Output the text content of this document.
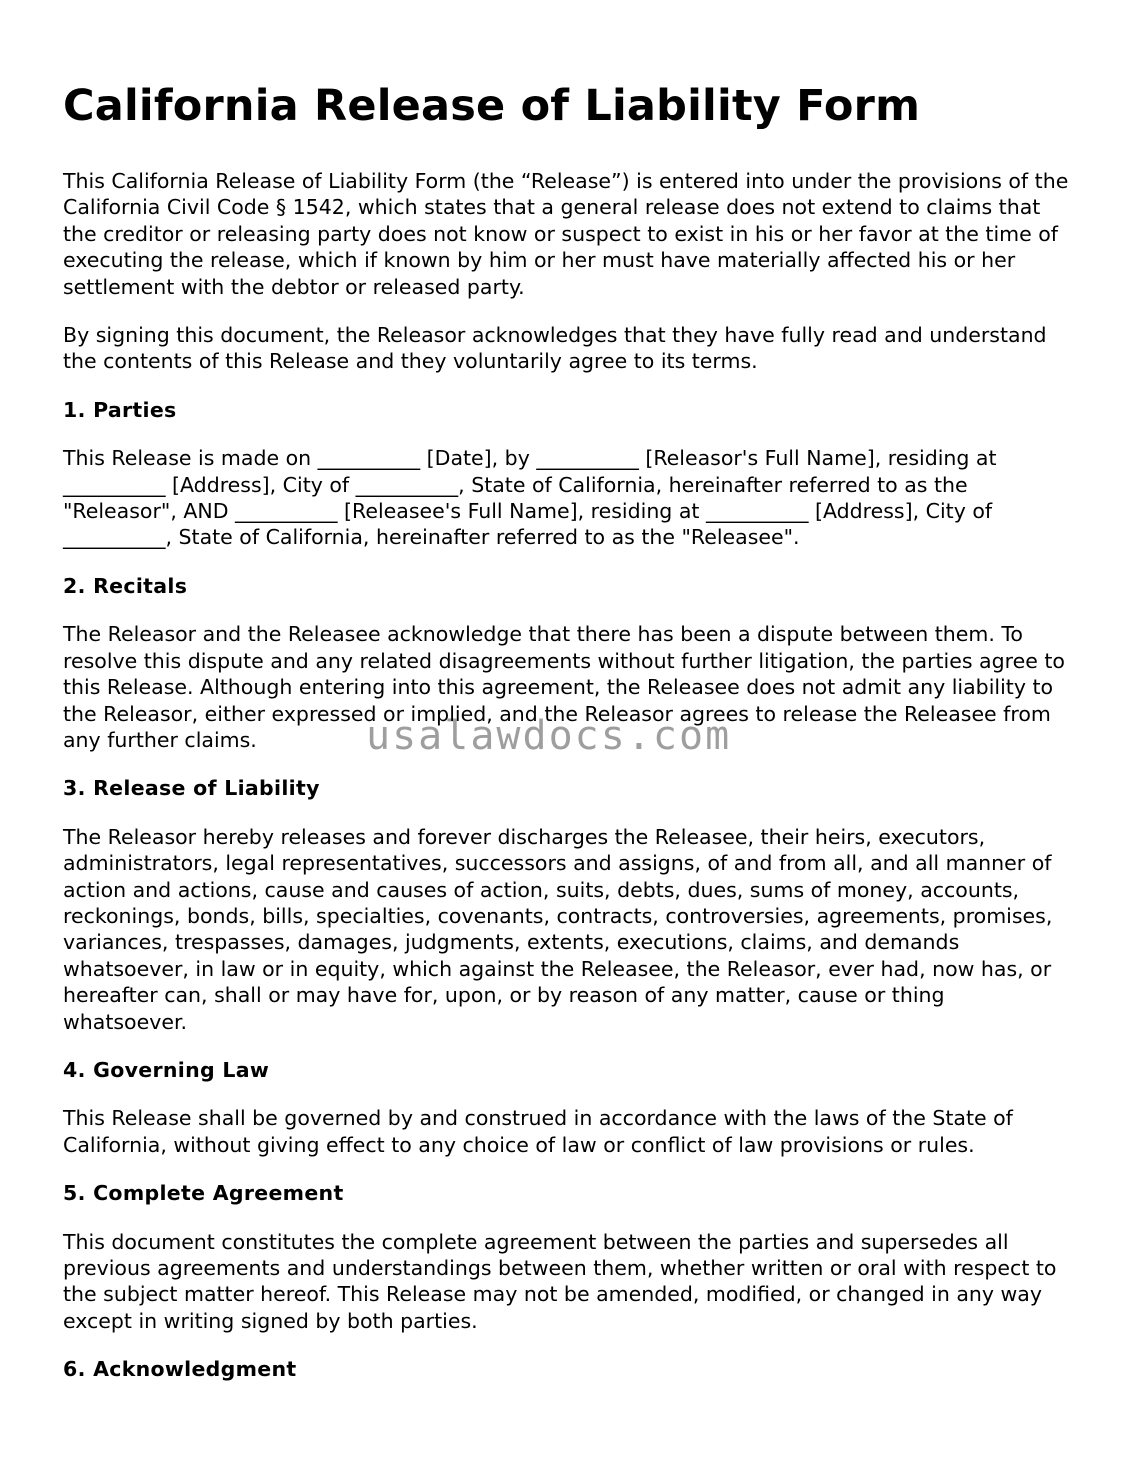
California Release of Liability Form

This California Release of Liability Form (the “Release”) is entered into under the provisions of the California Civil Code § 1542, which states that a general release does not extend to claims that the creditor or releasing party does not know or suspect to exist in his or her favor at the time of executing the release, which if known by him or her must have materially affected his or her settlement with the debtor or released party.

By signing this document, the Releasor acknowledges that they have fully read and understand the contents of this Release and they voluntarily agree to its terms.

1. Parties

This Release is made on __________ [Date], by __________ [Releasor's Full Name], residing at __________ [Address], City of __________, State of California, hereinafter referred to as the "Releasor", AND __________ [Releasee's Full Name], residing at __________ [Address], City of __________, State of California, hereinafter referred to as the "Releasee".

2. Recitals

The Releasor and the Releasee acknowledge that there has been a dispute between them. To resolve this dispute and any related disagreements without further litigation, the parties agree to this Release. Although entering into this agreement, the Releasee does not admit any liability to the Releasor, either expressed or implied, and the Releasor agrees to release the Releasee from any further claims.

3. Release of Liability

The Releasor hereby releases and forever discharges the Releasee, their heirs, executors, administrators, legal representatives, successors and assigns, of and from all, and all manner of action and actions, cause and causes of action, suits, debts, dues, sums of money, accounts, reckonings, bonds, bills, specialties, covenants, contracts, controversies, agreements, promises, variances, trespasses, damages, judgments, extents, executions, claims, and demands whatsoever, in law or in equity, which against the Releasee, the Releasor, ever had, now has, or hereafter can, shall or may have for, upon, or by reason of any matter, cause or thing whatsoever.

4. Governing Law

This Release shall be governed by and construed in accordance with the laws of the State of California, without giving effect to any choice of law or conflict of law provisions or rules.

5. Complete Agreement

This document constitutes the complete agreement between the parties and supersedes all previous agreements and understandings between them, whether written or oral with respect to the subject matter hereof. This Release may not be amended, modified, or changed in any way except in writing signed by both parties.

6. Acknowledgment
usalawdocs.com
